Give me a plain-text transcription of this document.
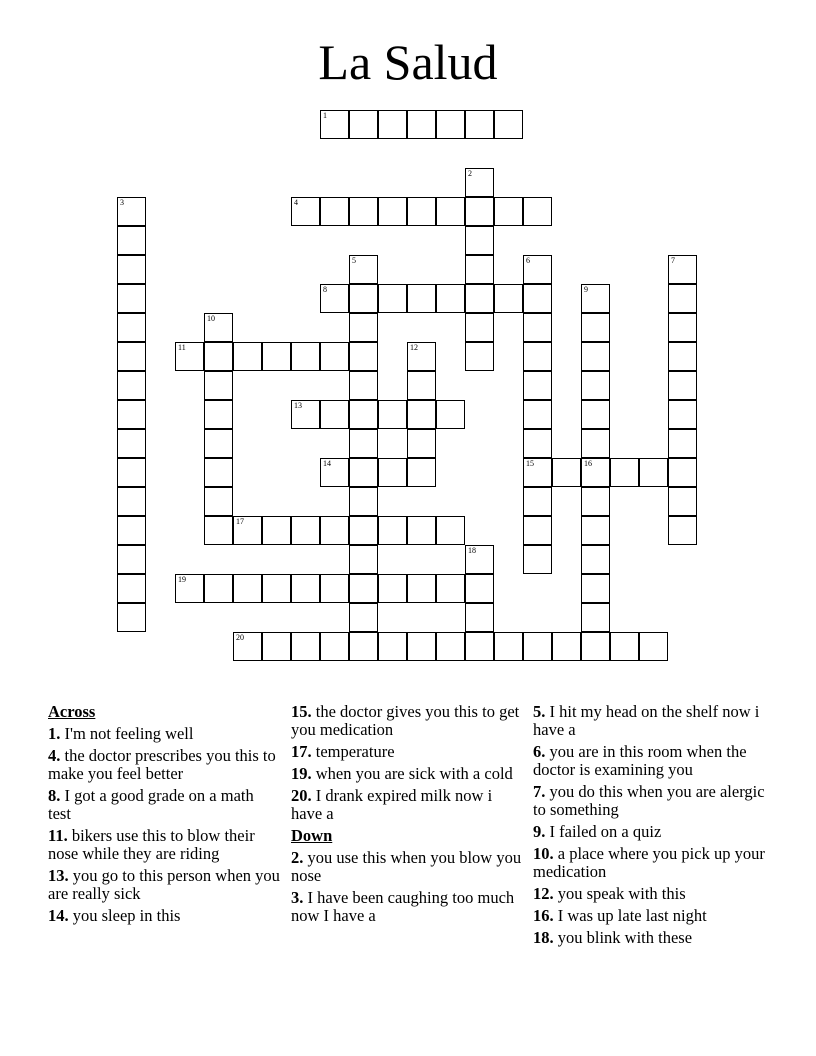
La Salud
1
2
3	4
5	6
15
7
8	9
10
11	12
13
14	16
17
18
19
20
Across
1. I'm not feeling well
4. the doctor prescribes you this to make you feel better
8. I got a good grade on a math test
11. bikers use this to blow their nose while they are riding
13. you go to this person when you are really sick
14. you sleep in this
15. the doctor gives you this to get you medication
17. temperature
19. when you are sick with a cold
20. I drank expired milk now i have a
Down
2. you use this when you blow you nose
3. I have been caughing too much now I have a
5. I hit my head on the shelf now i have a
6. you are in this room when the doctor is examining you
7. you do this when you are alergic to something
9. I failed on a quiz
10. a place where you pick up your medication
12. you speak with this
16. I was up late last night
18. you blink with these
